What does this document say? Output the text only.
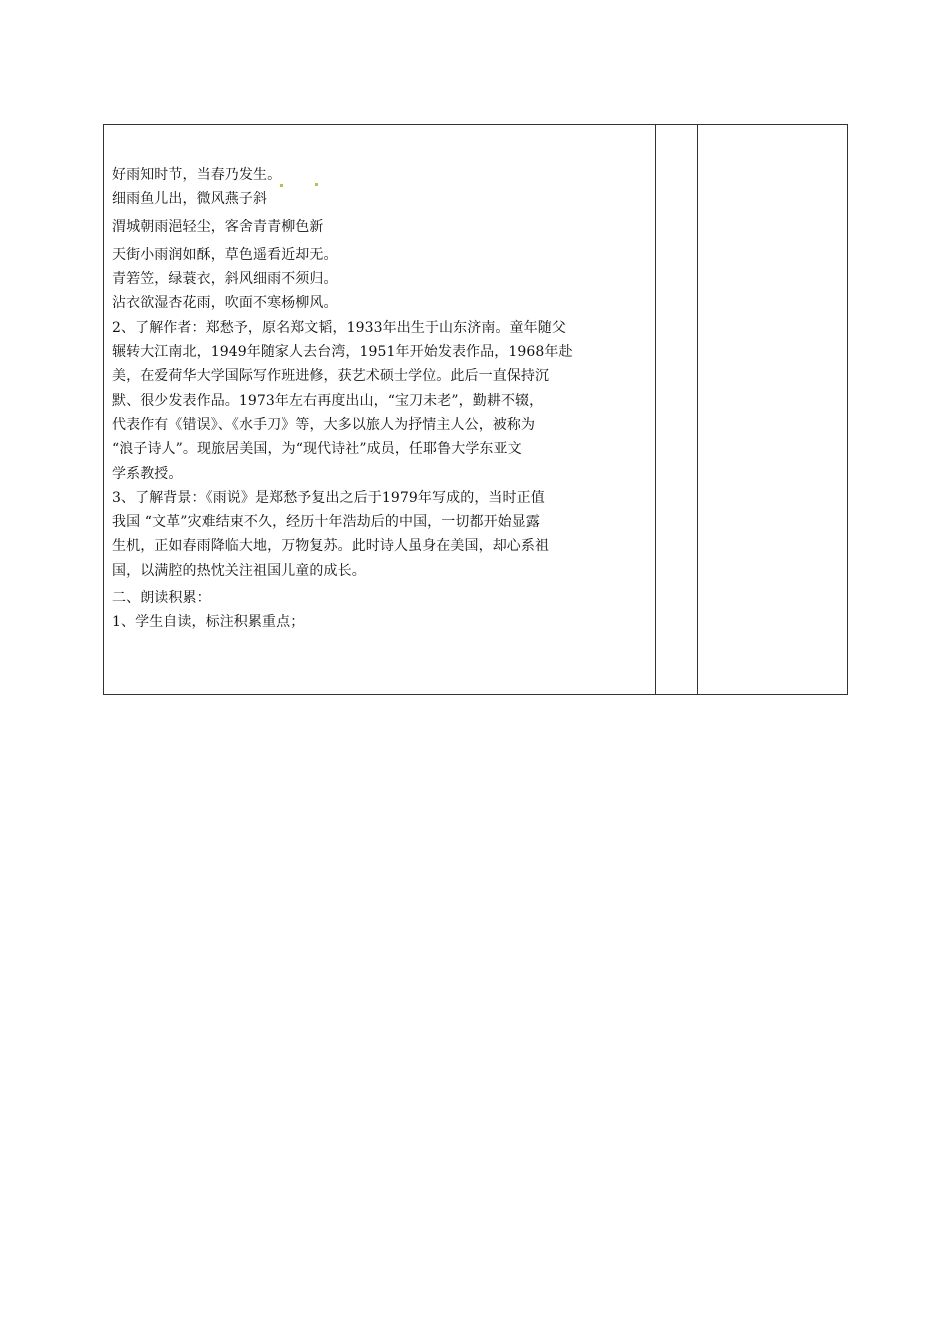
好雨知时节，当春乃发生。
细雨鱼儿出，微风燕子斜
渭城朝雨浥轻尘，客舍青青柳色新
天街小雨润如酥，草色遥看近却无。
青箬笠，绿蓑衣，斜风细雨不须归。
沾衣欲湿杏花雨，吹面不寒杨柳风。
2、了解作者：郑愁予，原名郑文韬，1933年出生于山东济南。童年随父
辗转大江南北，1949年随家人去台湾，1951年开始发表作品，1968年赴
美，在爱荷华大学国际写作班进修，获艺术硕士学位。此后一直保持沉
默、很少发表作品。1973年左右再度出山，“宝刀未老”，勤耕不辍，
代表作有《错误》、《水手刀》等，大多以旅人为抒情主人公，被称为
“浪子诗人”。现旅居美国，为“现代诗社”成员，任耶鲁大学东亚文
学系教授。
3、了解背景：《雨说》是郑愁予复出之后于1979年写成的，当时正值
我国 “文革”灾难结束不久，经历十年浩劫后的中国，一切都开始显露
生机，正如春雨降临大地，万物复苏。此时诗人虽身在美国，却心系祖
国，以满腔的热忱关注祖国儿童的成长。
二、朗读积累：
1、学生自读，标注积累重点；
